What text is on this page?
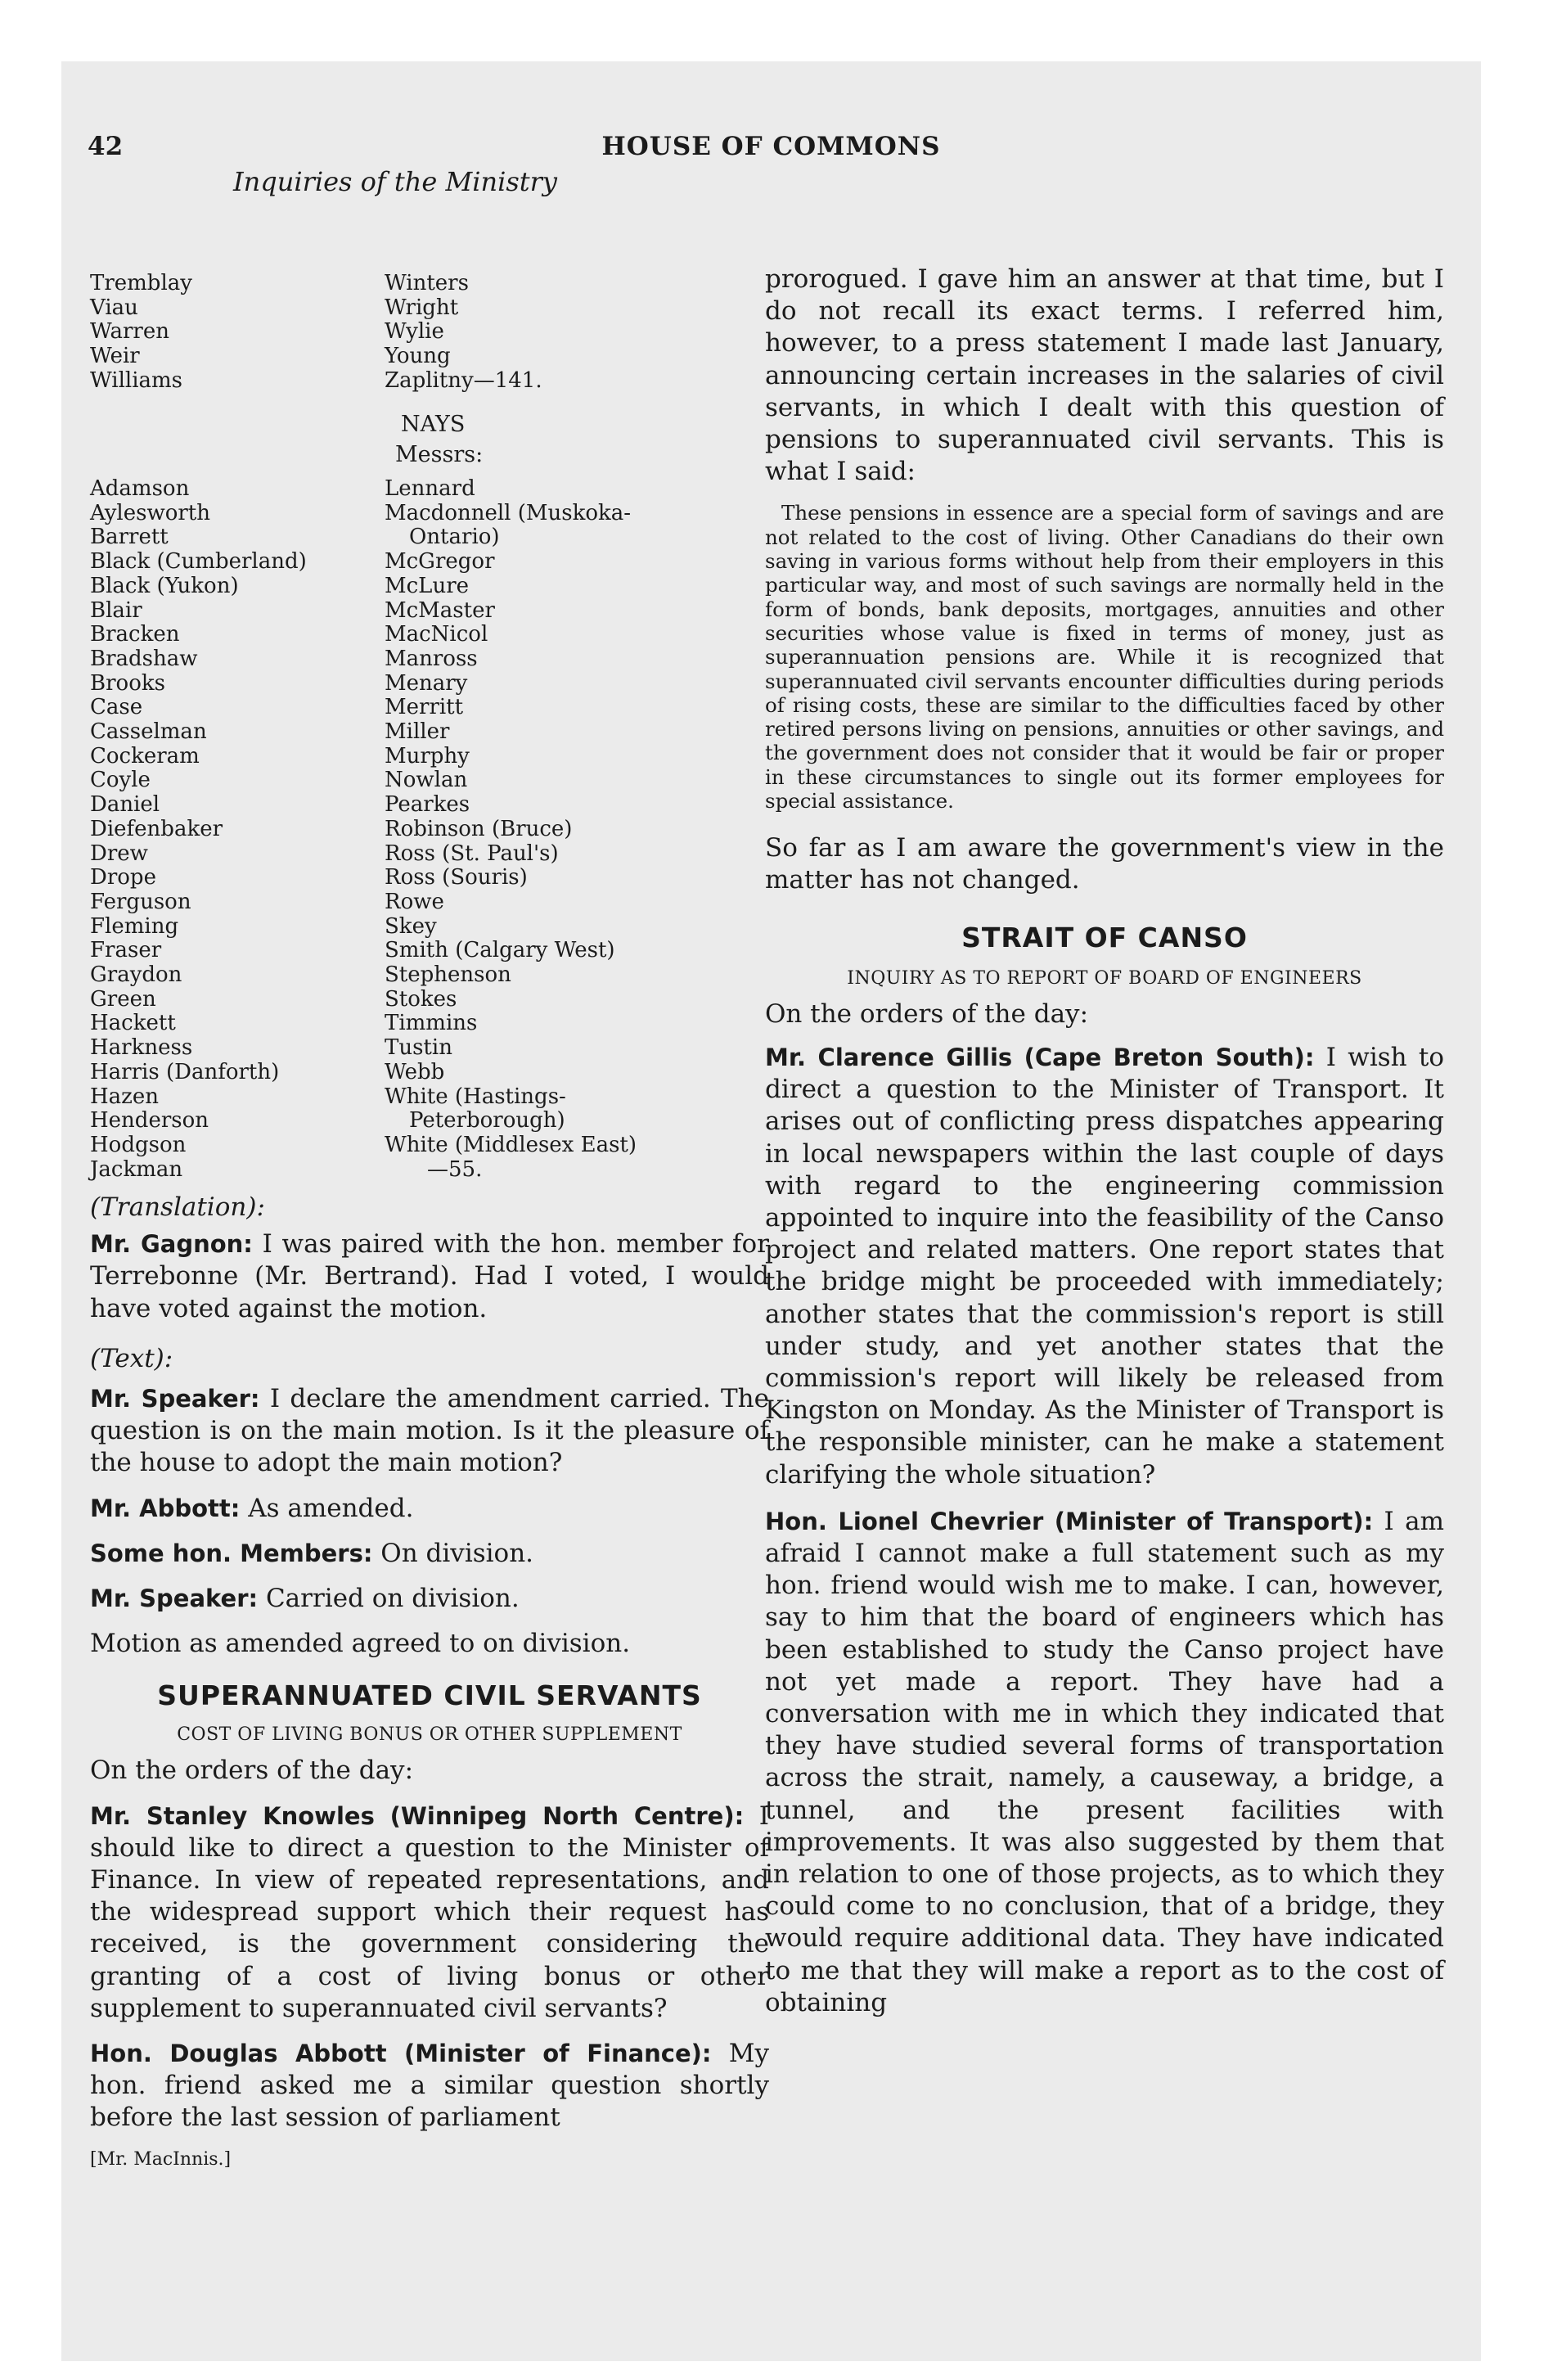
42	HOUSE OF COMMONS
Inquiries of the Ministry
Tremblay
Viau
Warren
Weir
Williams
Winters
Wright
Wylie
Young
Zaplitny—141.
NAYS
Messrs:
Adamson
Aylesworth
Barrett
Black (Cumberland)
Black (Yukon)
Blair
Bracken
Bradshaw
Brooks
Case
Casselman
Cockeram
Coyle
Daniel
Diefenbaker
Drew
Drope
Ferguson
Fleming
Fraser
Graydon
Green
Hackett
Harkness
Harris (Danforth)
Hazen
Henderson
Hodgson
Jackman
Lennard
Macdonnell (Muskoka-
Ontario)
McGregor
McLure
McMaster
MacNicol
Manross
Menary
Merritt
Miller
Murphy
Nowlan
Pearkes
Robinson (Bruce)
Ross (St. Paul's)
Ross (Souris)
Rowe
Skey
Smith (Calgary West)
Stephenson
Stokes
Timmins
Tustin
Webb
White (Hastings-
Peterborough)
White (Middlesex East)
—55.
(Translation):
Mr. Gagnon: I was paired with the hon. member for Terrebonne (Mr. Bertrand). Had I voted, I would have voted against the motion.
(Text):
Mr. Speaker: I declare the amendment carried. The question is on the main motion. Is it the pleasure of the house to adopt the main motion?
Mr. Abbott: As amended.
Some hon. Members: On division.
Mr. Speaker: Carried on division.
Motion as amended agreed to on division.
SUPERANNUATED CIVIL SERVANTS
COST OF LIVING BONUS OR OTHER SUPPLEMENT
On the orders of the day:
Mr. Stanley Knowles (Winnipeg North Centre): I should like to direct a question to the Minister of Finance. In view of repeated representations, and the widespread support which their request has received, is the government considering the granting of a cost of living bonus or other supplement to superannuated civil servants?
Hon. Douglas Abbott (Minister of Finance): My hon. friend asked me a similar question shortly before the last session of parliament
[Mr. MacInnis.]
prorogued. I gave him an answer at that time, but I do not recall its exact terms. I referred him, however, to a press statement I made last January, announcing certain increases in the salaries of civil servants, in which I dealt with this question of pensions to superannuated civil servants. This is what I said:
These pensions in essence are a special form of savings and are not related to the cost of living. Other Canadians do their own saving in various forms without help from their employers in this particular way, and most of such savings are normally held in the form of bonds, bank deposits, mortgages, annuities and other securities whose value is fixed in terms of money, just as superannuation pensions are. While it is recognized that superannuated civil servants encounter difficulties during periods of rising costs, these are similar to the difficulties faced by other retired persons living on pensions, annuities or other savings, and the government does not consider that it would be fair or proper in these circumstances to single out its former employees for special assistance.
So far as I am aware the government's view in the matter has not changed.
STRAIT OF CANSO
INQUIRY AS TO REPORT OF BOARD OF ENGINEERS
On the orders of the day:
Mr. Clarence Gillis (Cape Breton South): I wish to direct a question to the Minister of Transport. It arises out of conflicting press dispatches appearing in local newspapers within the last couple of days with regard to the engineering commission appointed to inquire into the feasibility of the Canso project and related matters. One report states that the bridge might be proceeded with immediately; another states that the commission's report is still under study, and yet another states that the commission's report will likely be released from Kingston on Monday. As the Minister of Transport is the responsible minister, can he make a statement clarifying the whole situation?
Hon. Lionel Chevrier (Minister of Transport): I am afraid I cannot make a full statement such as my hon. friend would wish me to make. I can, however, say to him that the board of engineers which has been established to study the Canso project have not yet made a report. They have had a conversation with me in which they indicated that they have studied several forms of transportation across the strait, namely, a causeway, a bridge, a tunnel, and the present facilities with improvements. It was also suggested by them that in relation to one of those projects, as to which they could come to no conclusion, that of a bridge, they would require additional data. They have indicated to me that they will make a report as to the cost of obtaining
